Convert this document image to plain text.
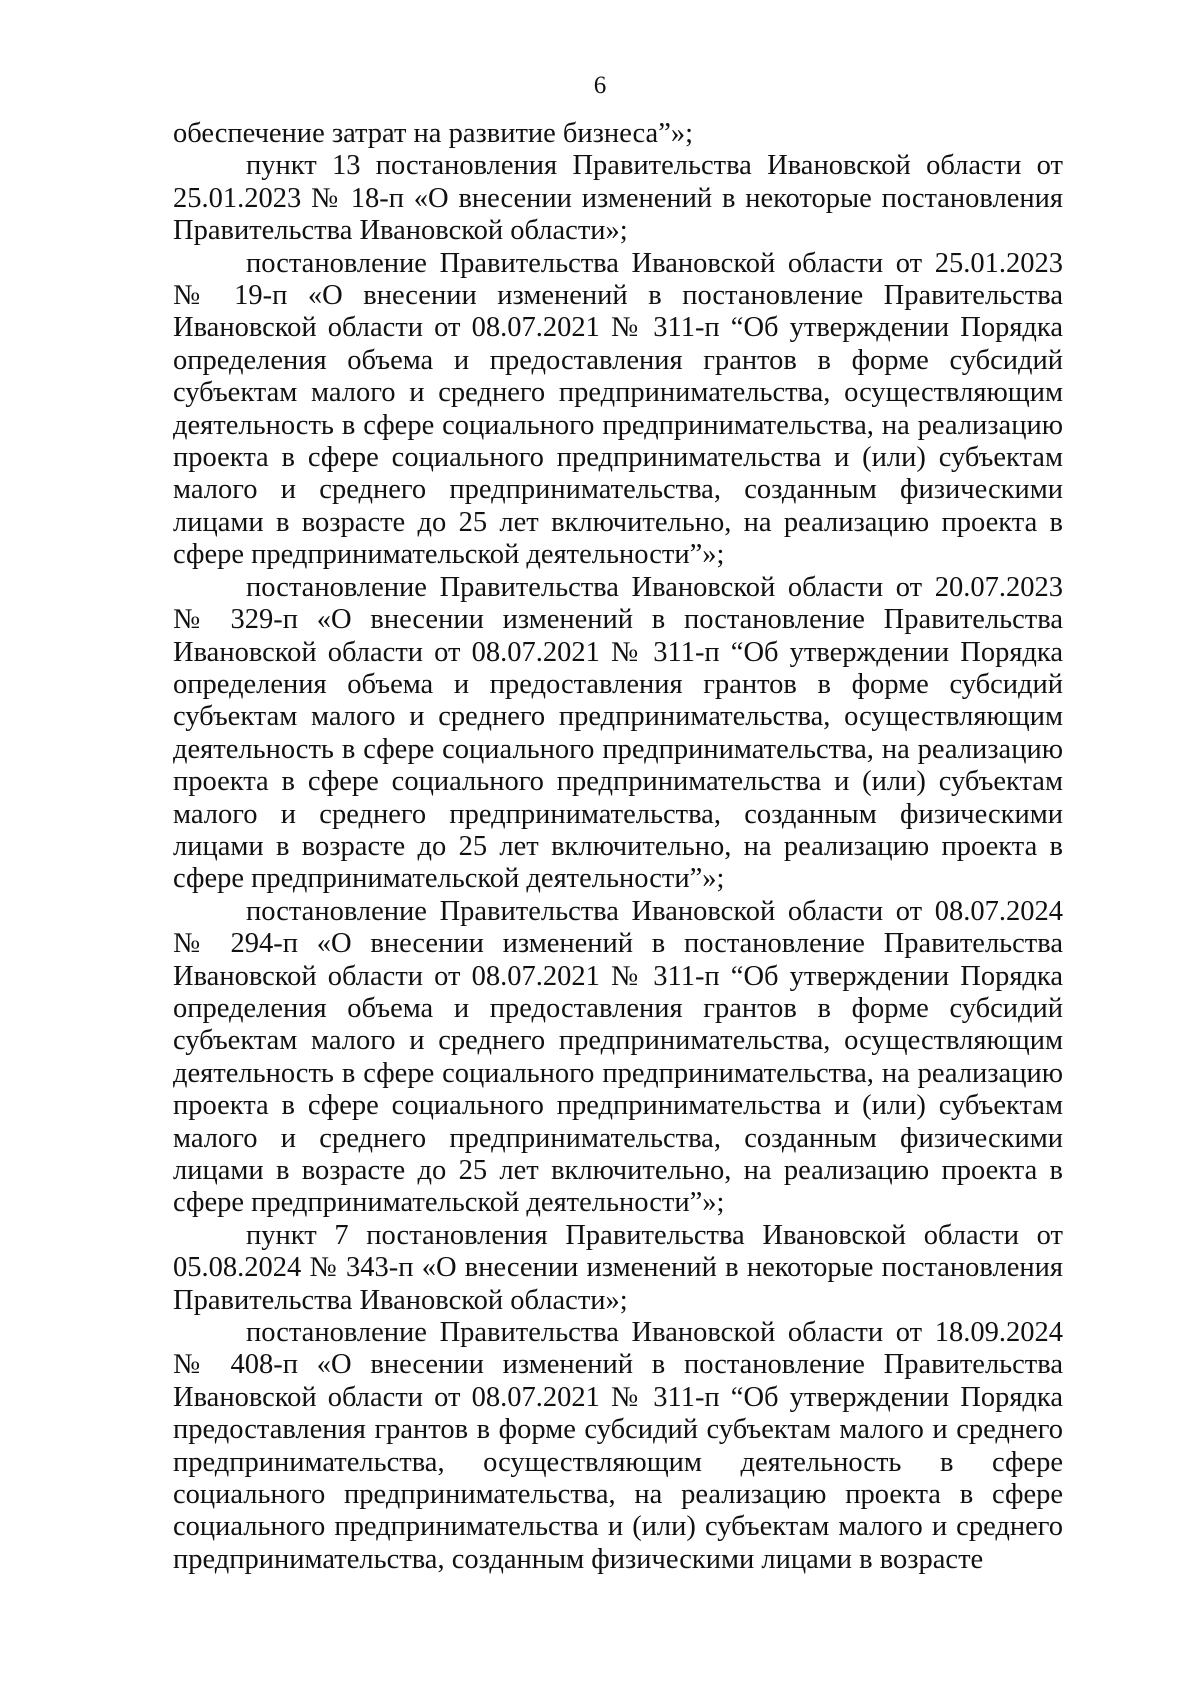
6

обеспечение затрат на развитие бизнеса”»;

пункт 13 постановления Правительства Ивановской области от 25.01.2023 № 18-п «О внесении изменений в некоторые постановления Правительства Ивановской области»;

постановление Правительства Ивановской области от 25.01.2023 № 19-п «О внесении изменений в постановление Правительства Ивановской области от 08.07.2021 № 311-п “Об утверждении Порядка определения объема и предоставления грантов в форме субсидий субъектам малого и среднего предпринимательства, осуществляющим деятельность в сфере социального предпринимательства, на реализацию проекта в сфере социального предпринимательства и (или) субъектам малого и среднего предпринимательства, созданным физическими лицами в возрасте до 25 лет включительно, на реализацию проекта в сфере предпринимательской деятельности”»;

постановление Правительства Ивановской области от 20.07.2023 № 329-п «О внесении изменений в постановление Правительства Ивановской области от 08.07.2021 № 311-п “Об утверждении Порядка определения объема и предоставления грантов в форме субсидий субъектам малого и среднего предпринимательства, осуществляющим деятельность в сфере социального предпринимательства, на реализацию проекта в сфере социального предпринимательства и (или) субъектам малого и среднего предпринимательства, созданным физическими лицами в возрасте до 25 лет включительно, на реализацию проекта в сфере предпринимательской деятельности”»;

постановление Правительства Ивановской области от 08.07.2024 № 294-п «О внесении изменений в постановление Правительства Ивановской области от 08.07.2021 № 311-п “Об утверждении Порядка определения объема и предоставления грантов в форме субсидий субъектам малого и среднего предпринимательства, осуществляющим деятельность в сфере социального предпринимательства, на реализацию проекта в сфере социального предпринимательства и (или) субъектам малого и среднего предпринимательства, созданным физическими лицами в возрасте до 25 лет включительно, на реализацию проекта в сфере предпринимательской деятельности”»;

пункт 7 постановления Правительства Ивановской области от 05.08.2024 № 343-п «О внесении изменений в некоторые постановления Правительства Ивановской области»;

постановление Правительства Ивановской области от 18.09.2024 № 408-п «О внесении изменений в постановление Правительства Ивановской области от 08.07.2021 № 311-п “Об утверждении Порядка предоставления грантов в форме субсидий субъектам малого и среднего предпринимательства, осуществляющим деятельность в сфере социального предпринимательства, на реализацию проекта в сфере социального предпринимательства и (или) субъектам малого и среднего предпринимательства, созданным физическими лицами в возрасте
